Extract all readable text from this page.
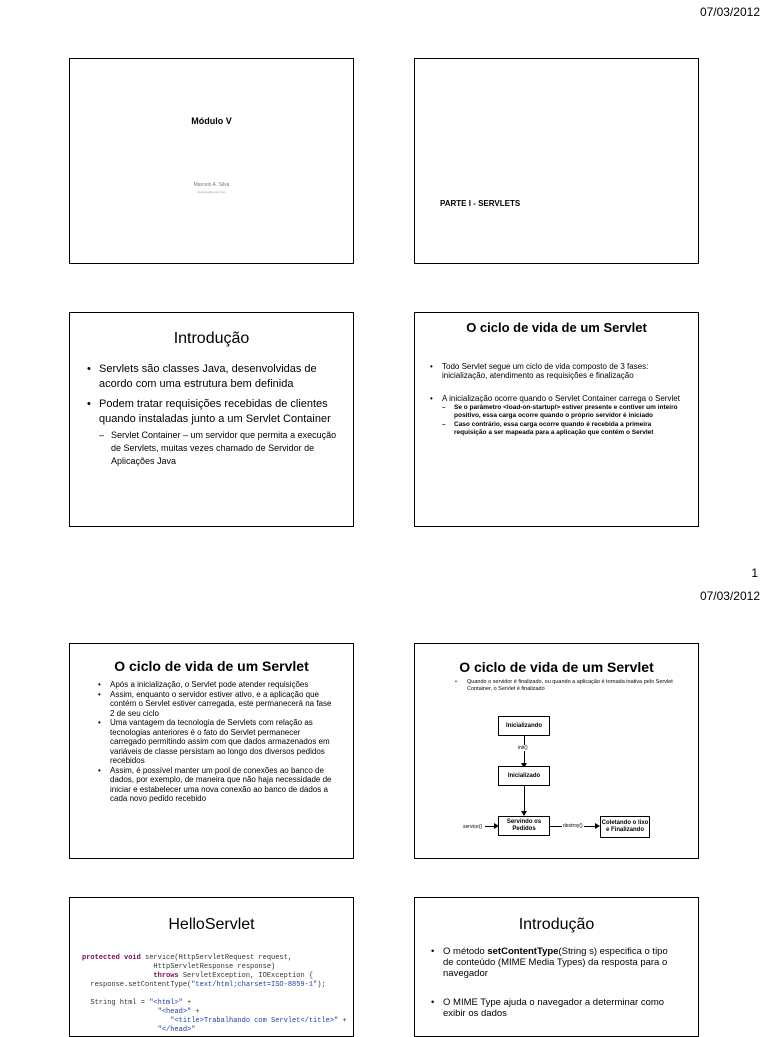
07/03/2012
Módulo V
Marcelo A. Silva
(marcelo@gmail.com)
PARTE I - SERVLETS
Introdução
• Servlets são classes Java, desenvolvidas de acordo com uma estrutura bem definida
• Podem tratar requisições recebidas de clientes quando instaladas junto a um Servlet Container
– Servlet Container – um servidor que permita a execução de Servlets, muitas vezes chamado de Servidor de Aplicações Java
O ciclo de vida de um Servlet
• Todo Servlet segue um ciclo de vida composto de 3 fases: inicialização, atendimento as requisições e finalização
• A inicialização ocorre quando o Servlet Container carrega o Servlet
– Se o parâmetro <load-on-startup/> estiver presente e contiver um inteiro positivo, essa carga ocorre quando o próprio servidor é iniciado
– Caso contrário, essa carga ocorre quando é recebida a primeira requisição a ser mapeada para a aplicação que contém o Servlet
1
07/03/2012
O ciclo de vida de um Servlet
• Após a inicialização, o Servlet pode atender requisições
• Assim, enquanto o servidor estiver ativo, e a aplicação que contém o Servlet estiver carregada, este permanecerá na fase 2 de seu ciclo
• Uma vantagem da tecnologia de Servlets com relação as tecnologias anteriores é o fato do Servlet permanecer carregado permitindo assim com que dados armazenados em variáveis de classe persistam ao longo dos diversos pedidos recebidos
• Assim, é possível manter um pool de conexões ao banco de dados, por exemplo, de maneira que não haja necessidade de iniciar e estabelecer uma nova conexão ao banco de dados a cada novo pedido recebido
O ciclo de vida de um Servlet
• Quando o servidor é finalizado, ou quando a aplicação é tornada inativa pelo Servlet Container, o Servlet é finalizado
Inicializando
init()
Inicializado
Servindo os Pedidos
service()	destroy()	Coletando o lixo e Finalizando
HelloServlet
protected void service(HttpServletRequest request,
HttpServletResponse response)
throws ServletException, IOException {
response.setContentType("text/html;charset=ISO-8859-1");

String html = "<html>" +
"<head>" +
"<title>Trabalhando com Servlet</title>" +
"</head>"
Introdução
• O método setContentType(String s) especifica o tipo de conteúdo (MIME Media Types) da resposta para o navegador
• O MIME Type ajuda o navegador a determinar como exibir os dados
